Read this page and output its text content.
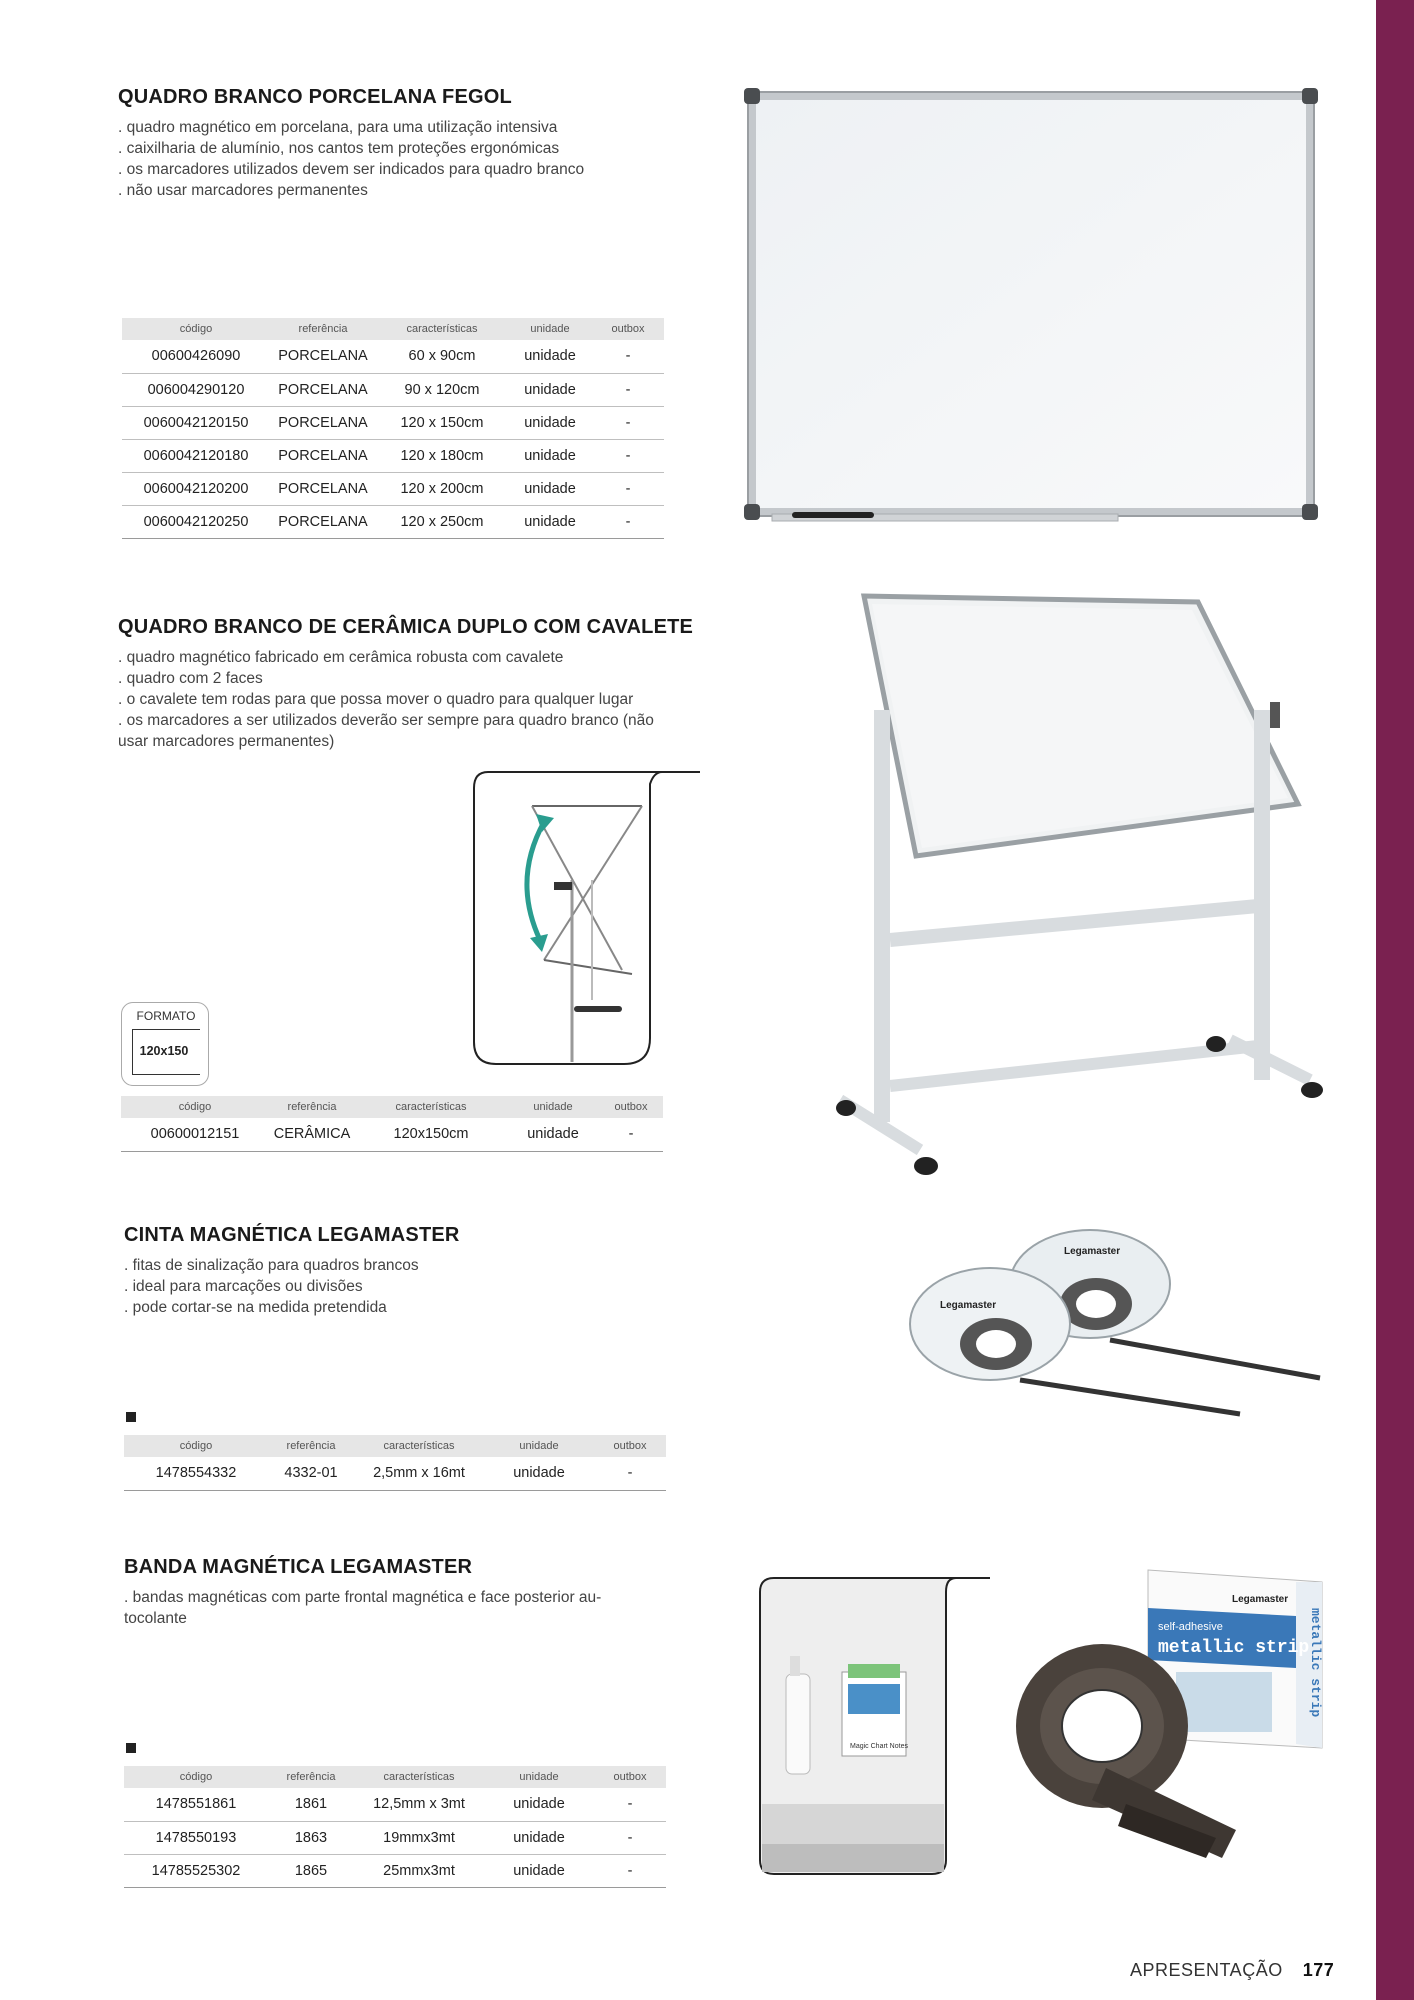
QUADRO BRANCO PORCELANA FEGOL
. quadro magnético em porcelana, para uma utilização intensiva
. caixilharia de alumínio, nos cantos tem proteções ergonómicas
. os marcadores utilizados devem ser indicados para quadro branco
. não usar marcadores permanentes
código	referência	características	unidade	outbox
00600426090	PORCELANA	60 x 90cm	unidade	-
006004290120	PORCELANA	90 x 120cm	unidade	-
0060042120150	PORCELANA	120 x 150cm	unidade	-
0060042120180	PORCELANA	120 x 180cm	unidade	-
0060042120200	PORCELANA	120 x 200cm	unidade	-
0060042120250	PORCELANA	120 x 250cm	unidade	-
QUADRO BRANCO DE CERÂMICA DUPLO COM CAVALETE
. quadro magnético fabricado em cerâmica robusta com cavalete
. quadro com 2 faces
. o cavalete tem rodas para que possa mover o quadro para qualquer lugar
. os marcadores a ser utilizados deverão ser sempre para quadro branco (não
usar marcadores permanentes)
FORMATO
120x150
código	referência	características	unidade	outbox
00600012151	CERÂMICA	120x150cm	unidade	-
CINTA MAGNÉTICA LEGAMASTER
. fitas de sinalização para quadros brancos
. ideal para marcações ou divisões
. pode cortar-se na medida pretendida
código	referência	características	unidade	outbox
1478554332	4332-01	2,5mm x 16mt	unidade	-
Legamaster
Legamaster
BANDA MAGNÉTICA LEGAMASTER
. bandas magnéticas com parte frontal magnética e face posterior au-
tocolante
código	referência	características	unidade	outbox
1478551861	1861	12,5mm x 3mt	unidade	-
1478550193	1863	19mmx3mt	unidade	-
14785525302	1865	25mmx3mt	unidade	-
Magic Chart Notes
Legamaster
self-adhesive
metallic strip
metallic strip
APRESENTAÇÃO 177
